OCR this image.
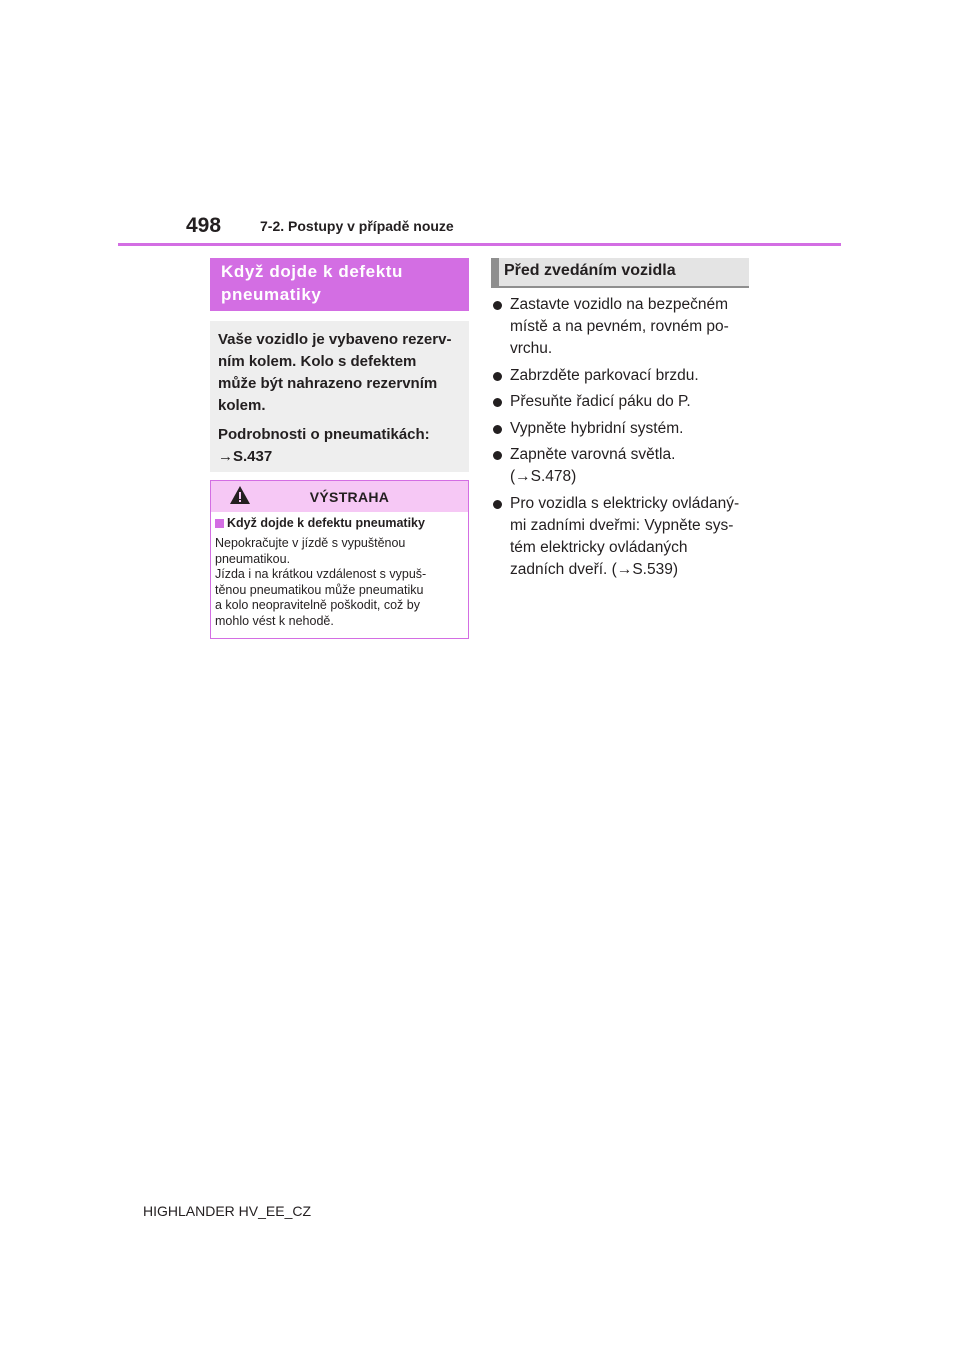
498	7-2. Postupy v případě nouze
Když dojde k defektu
pneumatiky

Vaše vozidlo je vybaveno rezerv-
ním kolem. Kolo s defektem
může být nahrazeno rezervním
kolem.

Podrobnosti o pneumatikách:
→S.437

VÝSTRAHA
Když dojde k defektu pneumatiky

Nepokračujte v jízdě s vypuštěnou
pneumatikou.

Jízda i na krátkou vzdálenost s vypuš-
těnou pneumatikou může pneumatiku
a kolo neopravitelně poškodit, což by
mohlo vést k nehodě.

Před zvedáním vozidla
Zastavte vozidlo na bezpečném
místě a na pevném, rovném po-
vrchu.
Zabrzděte parkovací brzdu.
Přesuňte řadicí páku do P.
Vypněte hybridní systém.
Zapněte varovná světla.
(→S.478)
Pro vozidla s elektricky ovládaný-
mi zadními dveřmi: Vypněte sys-
tém elektricky ovládaných
zadních dveří. (→S.539)
HIGHLANDER HV_EE_CZ
